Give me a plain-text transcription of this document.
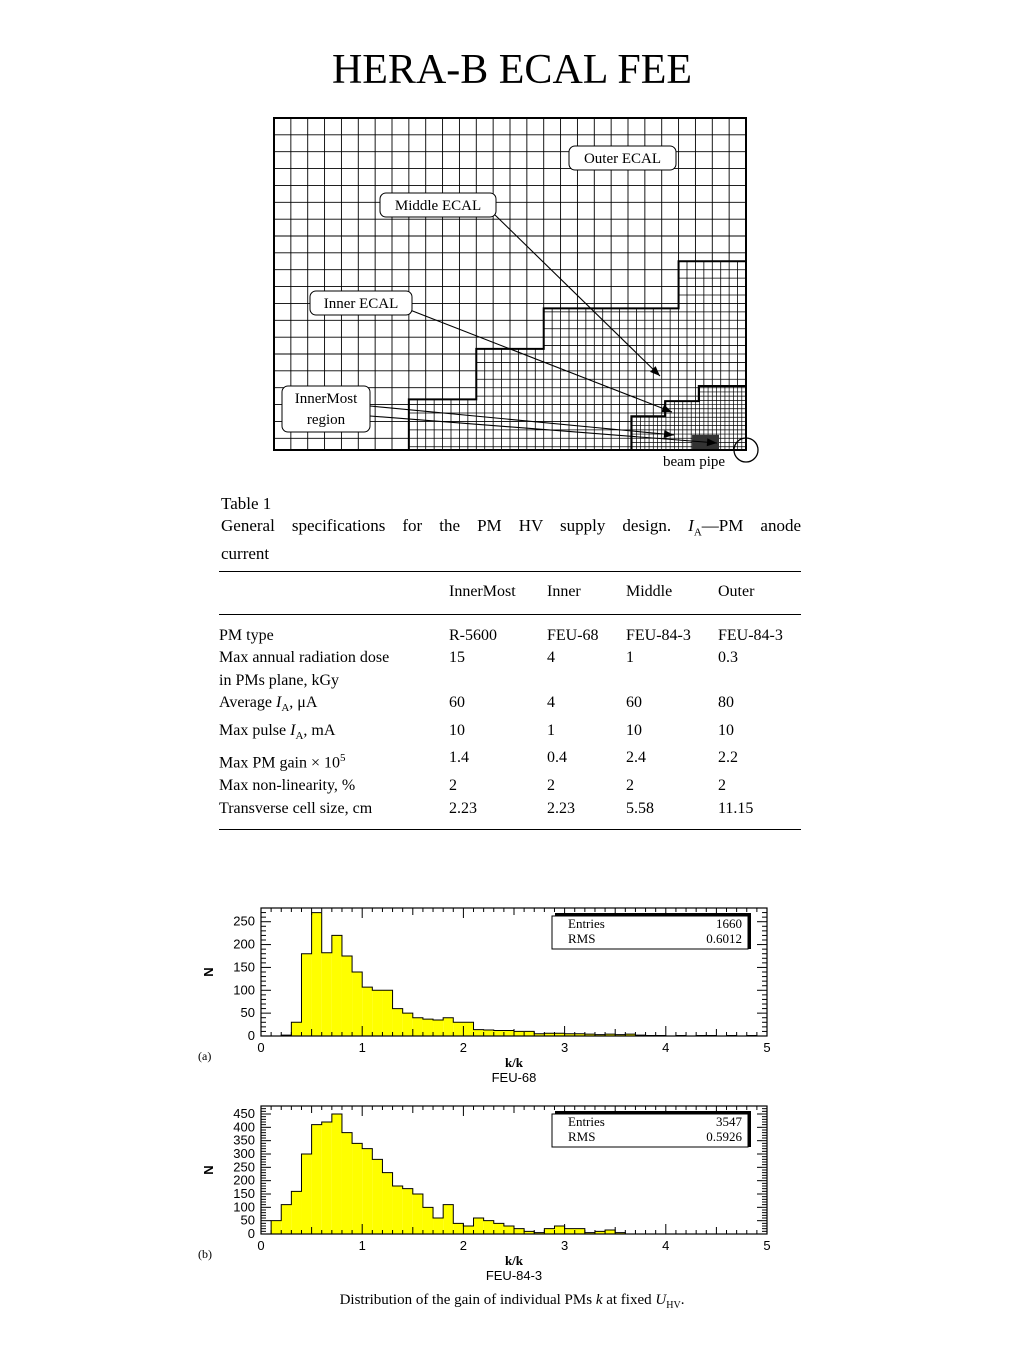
HERA-B ECAL FEE
Outer ECAL
Middle ECAL
Inner ECAL
InnerMost
region
beam pipe
Table 1
General specifications for the PM HV supply design. $I_A—PM$ anode
current
	InnerMost	Inner	Middle	Outer
PM type	R-5600	FEU-68	FEU-84-3	FEU-84-3
Max annual radiation dose
in PMs plane, kGy	15	4	1	0.3
Average $I_A$, μA	60	4	60	80
Max pulse $I_A$, mA	10	1	10	10
Max PM gain × $10^5$	1.4	0.4	2.4	2.2
Max non-linearity, %	2	2	2	2
Transverse cell size, cm	2.23	2.23	5.58	11.15
0	1	2	3	4	5
0
50
100
150
200
250
N
k/k
FEU-68
(a)
Entries	1660
RMS	0.6012
0	1	2	3	4	5
0
50
100
150
200
250
300
350
400
450
N
k/k
FEU-84-3
(b)
Entries	3547
RMS	0.5926
Distribution of the gain of individual PMs k at fixed $U_{HV}$.
